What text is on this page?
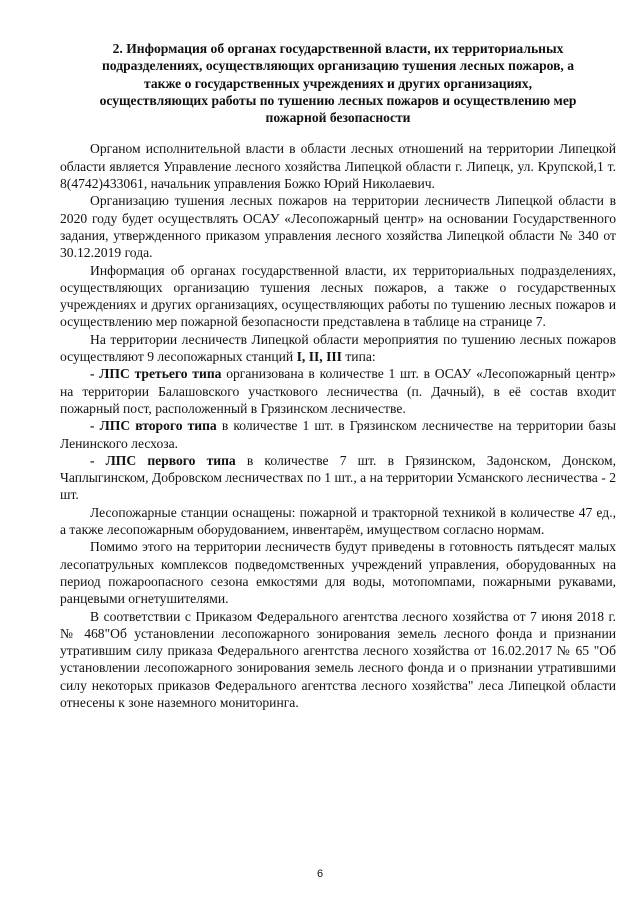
2. Информация об органах государственной власти, их территориальных
подразделениях, осуществляющих организацию тушения лесных пожаров, а
также о государственных учреждениях и других организациях,
осуществляющих работы по тушению лесных пожаров и осуществлению мер
пожарной безопасности

Органом исполнительной власти в области лесных отношений на территории Липецкой области является Управление лесного хозяйства Липецкой области г. Липецк, ул. Крупской,1 т. 8(4742)433061, начальник управления Божко Юрий Николаевич.

Организацию тушения лесных пожаров на территории лесничеств Липецкой области в 2020 году будет осуществлять ОСАУ «Лесопожарный центр» на основании Государственного задания, утвержденного приказом управления лесного хозяйства Липецкой области № 340 от 30.12.2019 года.

Информация об органах государственной власти, их территориальных подразделениях, осуществляющих организацию тушения лесных пожаров, а также о государственных учреждениях и других организациях, осуществляющих работы по тушению лесных пожаров и осуществлению мер пожарной безопасности представлена в таблице на странице 7.

На территории лесничеств Липецкой области мероприятия по тушению лесных пожаров осуществляют 9 лесопожарных станций I, II, III типа:

- ЛПС третьего типа организована в количестве 1 шт. в ОСАУ «Лесопожарный центр» на территории Балашовского участкового лесничества (п. Дачный), в её состав входит пожарный пост, расположенный в Грязинском лесничестве.

- ЛПС второго типа в количестве 1 шт. в Грязинском лесничестве на территории базы Ленинского лесхоза.

- ЛПС первого типа в количестве 7 шт. в Грязинском, Задонском, Донском, Чаплыгинском, Добровском лесничествах по 1 шт., а на территории Усманского лесничества - 2 шт.

Лесопожарные станции оснащены: пожарной и тракторной техникой в количестве 47 ед., а также лесопожарным оборудованием, инвентарём, имуществом согласно нормам.

Помимо этого на территории лесничеств будут приведены в готовность пятьдесят малых лесопатрульных комплексов подведомственных учреждений управления, оборудованных на период пожароопасного сезона емкостями для воды, мотопомпами, пожарными рукавами, ранцевыми огнетушителями.

В соответствии с Приказом Федерального агентства лесного хозяйства от 7 июня 2018 г. № 468"Об установлении лесопожарного зонирования земель лесного фонда и признании утратившим силу приказа Федерального агентства лесного хозяйства от 16.02.2017 № 65 "Об установлении лесопожарного зонирования земель лесного фонда и о признании утратившими силу некоторых приказов Федерального агентства лесного хозяйства" леса Липецкой области отнесены к зоне наземного мониторинга.

6
